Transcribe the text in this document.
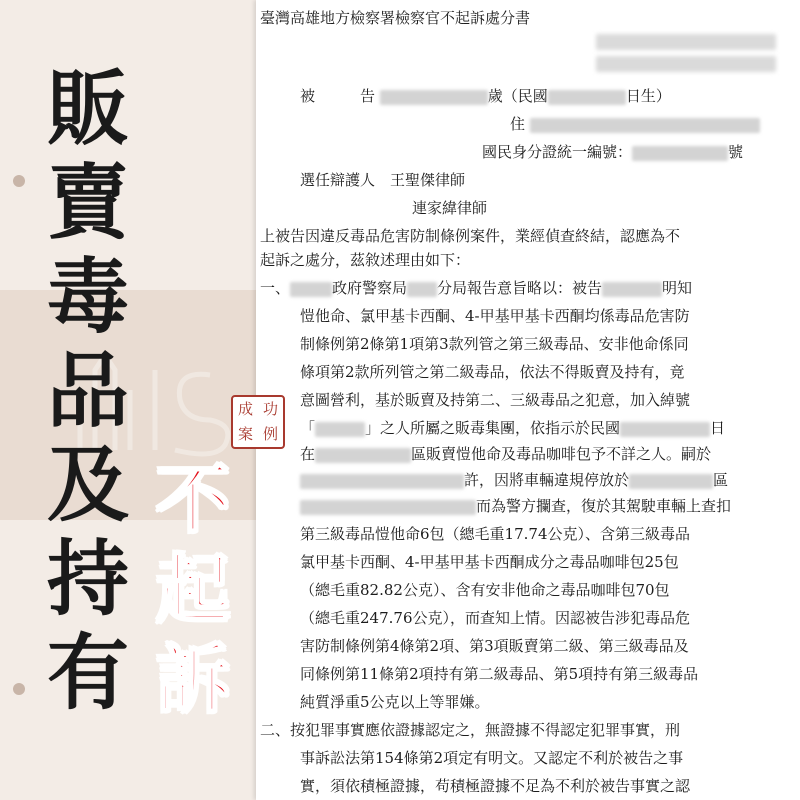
販
賣
毒
品
及
持
有
不
起
訴
臺灣高雄地方檢察署檢察官不起訴處分書
被　　　告	歲（民國	日生）
住
國民身分證統一編號：	號
選任辯護人　 王聖傑律師
連家緯律師
上被告因違反毒品危害防制條例案件，業經偵查終結，認應為不
起訴之處分，茲敘述理由如下：
一、	政府警察局 分局報告意旨略以：被告	明知
愷他命、氯甲基卡西酮、4-甲基甲基卡西酮均係毒品危害防
制條例第2條第1項第3款列管之第三級毒品、安非他命係同
條項第2款所列管之第二級毒品，依法不得販賣及持有，竟
意圖營利，基於販賣及持第二、三級毒品之犯意，加入綽號
「	」之人所屬之販毒集團，依指示於民國	日
在	區販賣愷他命及毒品咖啡包予不詳之人。嗣於
許，因將車輛違規停放於	區
而為警方攔查，復於其駕駛車輛上查扣
第三級毒品愷他命6包（總毛重17.74公克）、含第三級毒品
氯甲基卡西酮、4-甲基甲基卡西酮成分之毒品咖啡包25包
（總毛重82.82公克）、含有安非他命之毒品咖啡包70包
（總毛重247.76公克），而查知上情。因認被告涉犯毒品危
害防制條例第4條第2項、第3項販賣第二級、第三級毒品及
同條例第11條第2項持有第二級毒品、第5項持有第三級毒品
純質淨重5公克以上等罪嫌。
二、按犯罪事實應依證據認定之，無證據不得認定犯罪事實，刑
事訴訟法第154條第2項定有明文。又認定不利於被告之事
實，須依積極證據，苟積極證據不足為不利於被告事實之認
成 功
案 例
